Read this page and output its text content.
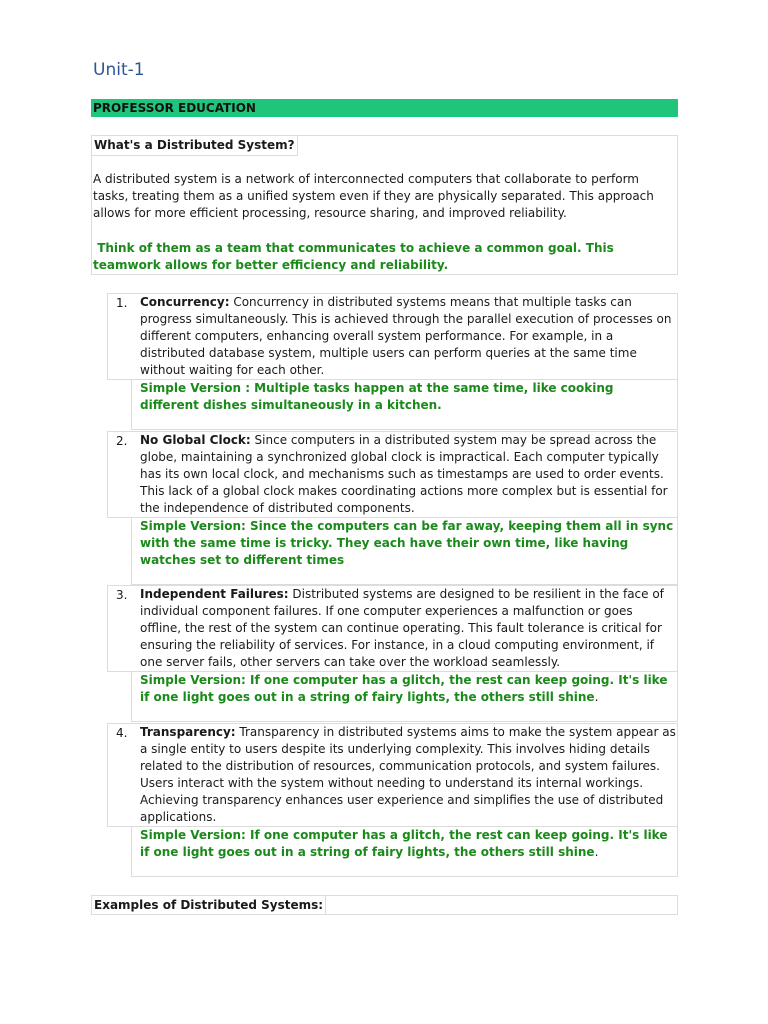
Unit-1
PROFESSOR EDUCATION
What's a Distributed System?

A distributed system is a network of interconnected computers that collaborate to perform tasks, treating them as a unified system even if they are physically separated. This approach allows for more efficient processing, resource sharing, and improved reliability.

Think of them as a team that communicates to achieve a common goal. This      teamwork allows for better efficiency and reliability.

1. Concurrency: Concurrency in distributed systems means that multiple tasks can progress simultaneously. This is achieved through the parallel execution of processes on different computers, enhancing overall system performance. For example, in a distributed database system, multiple users can perform queries at the same time without waiting for each other.

Simple Version : Multiple tasks happen at the same time, like cooking different dishes simultaneously in a kitchen.

2. No Global Clock: Since computers in a distributed system may be spread across the globe, maintaining a synchronized global clock is impractical. Each computer typically has its own local clock, and mechanisms such as timestamps are used to order events. This lack of a global clock makes coordinating actions more complex but is essential for the independence of distributed components.

Simple Version: Since the computers can be far away, keeping them all in sync with the same time is tricky. They each have their own time, like having watches set to different times

3. Independent Failures: Distributed systems are designed to be resilient in the face of individual component failures. If one computer experiences a malfunction or goes offline, the rest of the system can continue operating. This fault tolerance is critical for ensuring the reliability of services. For instance, in a cloud computing environment, if one server fails, other servers can take over the workload seamlessly.

Simple Version: If one computer has a glitch, the rest can keep going. It's like if one light goes out in a string of fairy lights, the others still shine.

4. Transparency: Transparency in distributed systems aims to make the system appear as a single entity to users despite its underlying complexity. This involves hiding details related to the distribution of resources, communication protocols, and system failures. Users interact with the system without needing to understand its internal workings. Achieving transparency enhances user experience and simplifies the use of distributed applications.

Simple Version: If one computer has a glitch, the rest can keep going. It's like if one light goes out in a string of fairy lights, the others still shine.

Examples of Distributed Systems:
